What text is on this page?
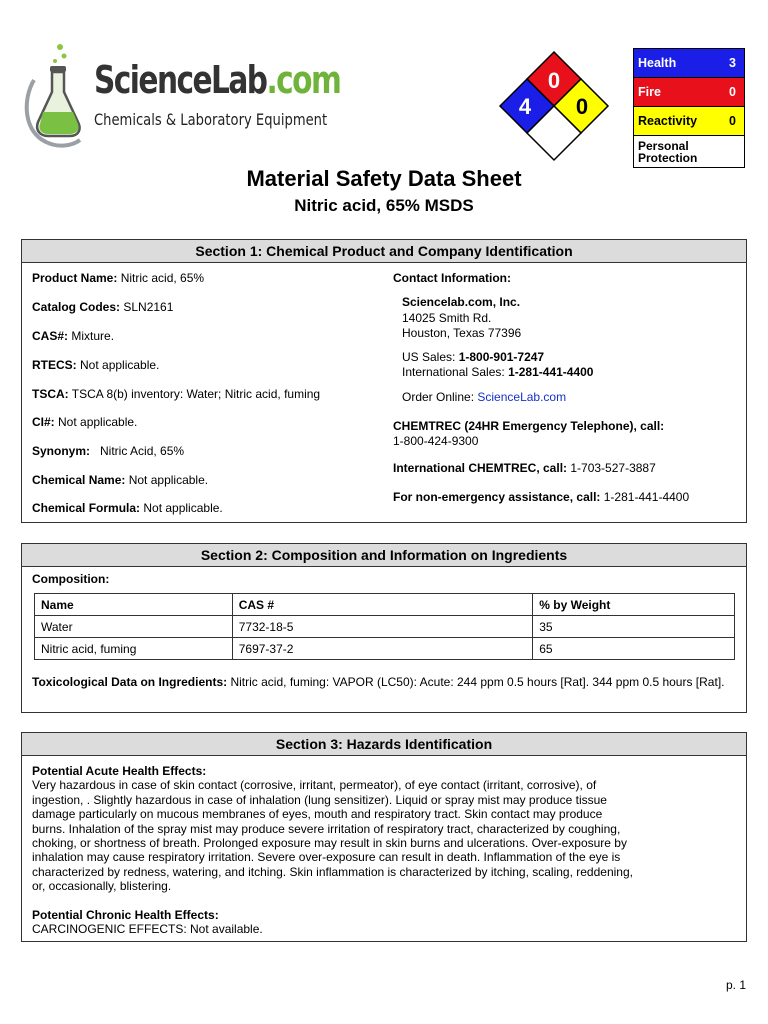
ScienceLab.com
Chemicals & Laboratory Equipment
0
4 0
Health	3
Fire	0
Reactivity	0
Personal
Protection
Material Safety Data Sheet
Nitric acid, 65% MSDS
Section 1: Chemical Product and Company Identification
Product Name: Nitric acid, 65%
Catalog Codes: SLN2161
CAS#: Mixture.
RTECS: Not applicable.
TSCA: TSCA 8(b) inventory: Water; Nitric acid, fuming
CI#: Not applicable.
Synonym:   Nitric Acid, 65%
Chemical Name: Not applicable.
Chemical Formula: Not applicable.
Contact Information:
Sciencelab.com, Inc.
14025 Smith Rd.
Houston, Texas 77396
US Sales: 1-800-901-7247
International Sales: 1-281-441-4400
Order Online: ScienceLab.com
CHEMTREC (24HR Emergency Telephone), call:
1-800-424-9300
International CHEMTREC, call: 1-703-527-3887
For non-emergency assistance, call: 1-281-441-4400
Section 2: Composition and Information on Ingredients
Composition:
Name	CAS #	% by Weight
Water	7732-18-5	35
Nitric acid, fuming	7697-37-2	65
Toxicological Data on Ingredients: Nitric acid, fuming: VAPOR (LC50): Acute: 244 ppm 0.5 hours [Rat]. 344 ppm 0.5 hours [Rat].
Section 3: Hazards Identification
Potential Acute Health Effects:
Very hazardous in case of skin contact (corrosive, irritant, permeator), of eye contact (irritant, corrosive), of
ingestion, . Slightly hazardous in case of inhalation (lung sensitizer). Liquid or spray mist may produce tissue
damage particularly on mucous membranes of eyes, mouth and respiratory tract. Skin contact may produce
burns. Inhalation of the spray mist may produce severe irritation of respiratory tract, characterized by coughing,
choking, or shortness of breath. Prolonged exposure may result in skin burns and ulcerations. Over-exposure by
inhalation may cause respiratory irritation. Severe over-exposure can result in death. Inflammation of the eye is
characterized by redness, watering, and itching. Skin inflammation is characterized by itching, scaling, reddening,
or, occasionally, blistering.
Potential Chronic Health Effects:
CARCINOGENIC EFFECTS: Not available.
p. 1
